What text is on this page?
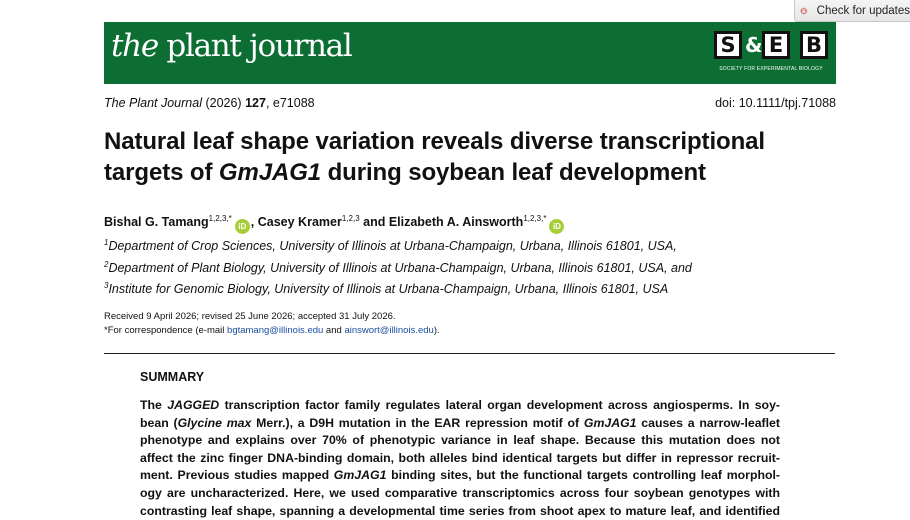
Check for updates
the plant journal	S & E	B
SOCIETY FOR EXPERIMENTAL BIOLOGY
The Plant Journal (2026) 127, e71088	doi: 10.1111/tpj.71088
Natural leaf shape variation reveals diverse transcriptional
targets of GmJAG1 during soybean leaf development
Bishal G. Tamang$^{1,2,3,*}$iD , Casey Kramer$^{1,2,3}$ and Elizabeth A. Ainsworth$^{1,2,3,*}$iD
$^1$Department of Crop Sciences, University of Illinois at Urbana-Champaign, Urbana, Illinois 61801, USA,
$^2$Department of Plant Biology, University of Illinois at Urbana-Champaign, Urbana, Illinois 61801, USA, and
$^3$Institute for Genomic Biology, University of Illinois at Urbana-Champaign, Urbana, Illinois 61801, USA
Received 9 April 2026; revised 25 June 2026; accepted 31 July 2026.
*For correspondence (e-mail bgtamang@illinois.edu and ainswort@illinois.edu).
SUMMARY
The JAGGED transcription factor family regulates lateral organ development across angiosperms. In soy-
bean (Glycine max Merr.), a D9H mutation in the EAR repression motif of GmJAG1 causes a narrow-leaflet
phenotype and explains over 70% of phenotypic variance in leaf shape. Because this mutation does not
affect the zinc finger DNA-binding domain, both alleles bind identical targets but differ in repressor recruit-
ment. Previous studies mapped GmJAG1 binding sites, but the functional targets controlling leaf morphol-
ogy are uncharacterized. Here, we used comparative transcriptomics across four soybean genotypes with
contrasting leaf shape, spanning a developmental time series from shoot apex to mature leaf, and identified
